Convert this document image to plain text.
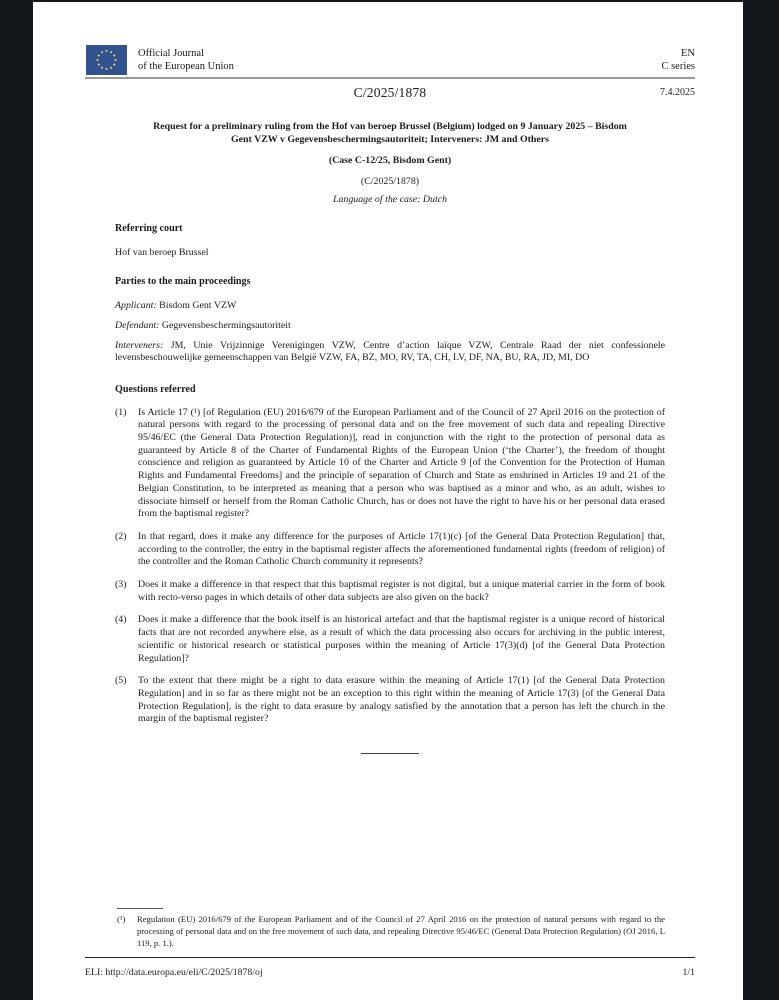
Official Journal
of the European Union
EN
C series
C/2025/1878	7.4.2025
Request for a preliminary ruling from the Hof van beroep Brussel (Belgium) lodged on 9 January 2025 – Bisdom Gent VZW v Gegevensbeschermingsautoriteit; Interveners: JM and Others
(Case C-12/25, Bisdom Gent)
(C/2025/1878)
Language of the case: Dutch
Referring court
Hof van beroep Brussel
Parties to the main proceedings
Applicant: Bisdom Gent VZW
Defendant: Gegevensbeschermingsautoriteit
Interveners: JM, Unie Vrijzinnige Verenigingen VZW, Centre d’action laïque VZW, Centrale Raad der niet confessionele levensbeschouwelijke gemeenschappen van België VZW, FA, BZ, MO, RV, TA, CH, LV, DF, NA, BU, RA, JD, MI, DO
Questions referred
(1)	Is Article 17 (¹) [of Regulation (EU) 2016/679 of the European Parliament and of the Council of 27 April 2016 on the protection of natural persons with regard to the processing of personal data and on the free movement of such data and repealing Directive 95/46/EC (the General Data Protection Regulation)], read in conjunction with the right to the protection of personal data as guaranteed by Article 8 of the Charter of Fundamental Rights of the European Union (‘the Charter’), the freedom of thought conscience and religion as guaranteed by Article 10 of the Charter and Article 9 [of the Convention for the Protection of Human Rights and Fundamental Freedoms] and the principle of separation of Church and State as enshrined in Articles 19 and 21 of the Belgian Constitution, to be interpreted as meaning that a person who was baptised as a minor and who, as an adult, wishes to dissociate himself or herself from the Roman Catholic Church, has or does not have the right to have his or her personal data erased from the baptismal register?
(2)	In that regard, does it make any difference for the purposes of Article 17(1)(c) [of the General Data Protection Regulation] that, according to the controller, the entry in the baptismal register affects the aforementioned fundamental rights (freedom of religion) of the controller and the Roman Catholic Church community it represents?
(3)	Does it make a difference in that respect that this baptismal register is not digital, but a unique material carrier in the form of book with recto-verso pages in which details of other data subjects are also given on the back?
(4)	Does it make a difference that the book itself is an historical artefact and that the baptismal register is a unique record of historical facts that are not recorded anywhere else, as a result of which the data processing also occurs for archiving in the public interest, scientific or historical research or statistical purposes within the meaning of Article 17(3)(d) [of the General Data Protection Regulation]?
(5)	To the extent that there might be a right to data erasure within the meaning of Article 17(1) [of the General Data Protection Regulation] and in so far as there might not be an exception to this right within the meaning of Article 17(3) [of the General Data Protection Regulation], is the right to data erasure by analogy satisfied by the annotation that a person has left the church in the margin of the baptismal register?
(¹)	Regulation (EU) 2016/679 of the European Parliament and of the Council of 27 April 2016 on the protection of natural persons with regard to the processing of personal data and on the free movement of such data, and repealing Directive 95/46/EC (General Data Protection Regulation) (OJ 2016, L 119, p. 1.).
ELI: http://data.europa.eu/eli/C/2025/1878/oj	1/1
